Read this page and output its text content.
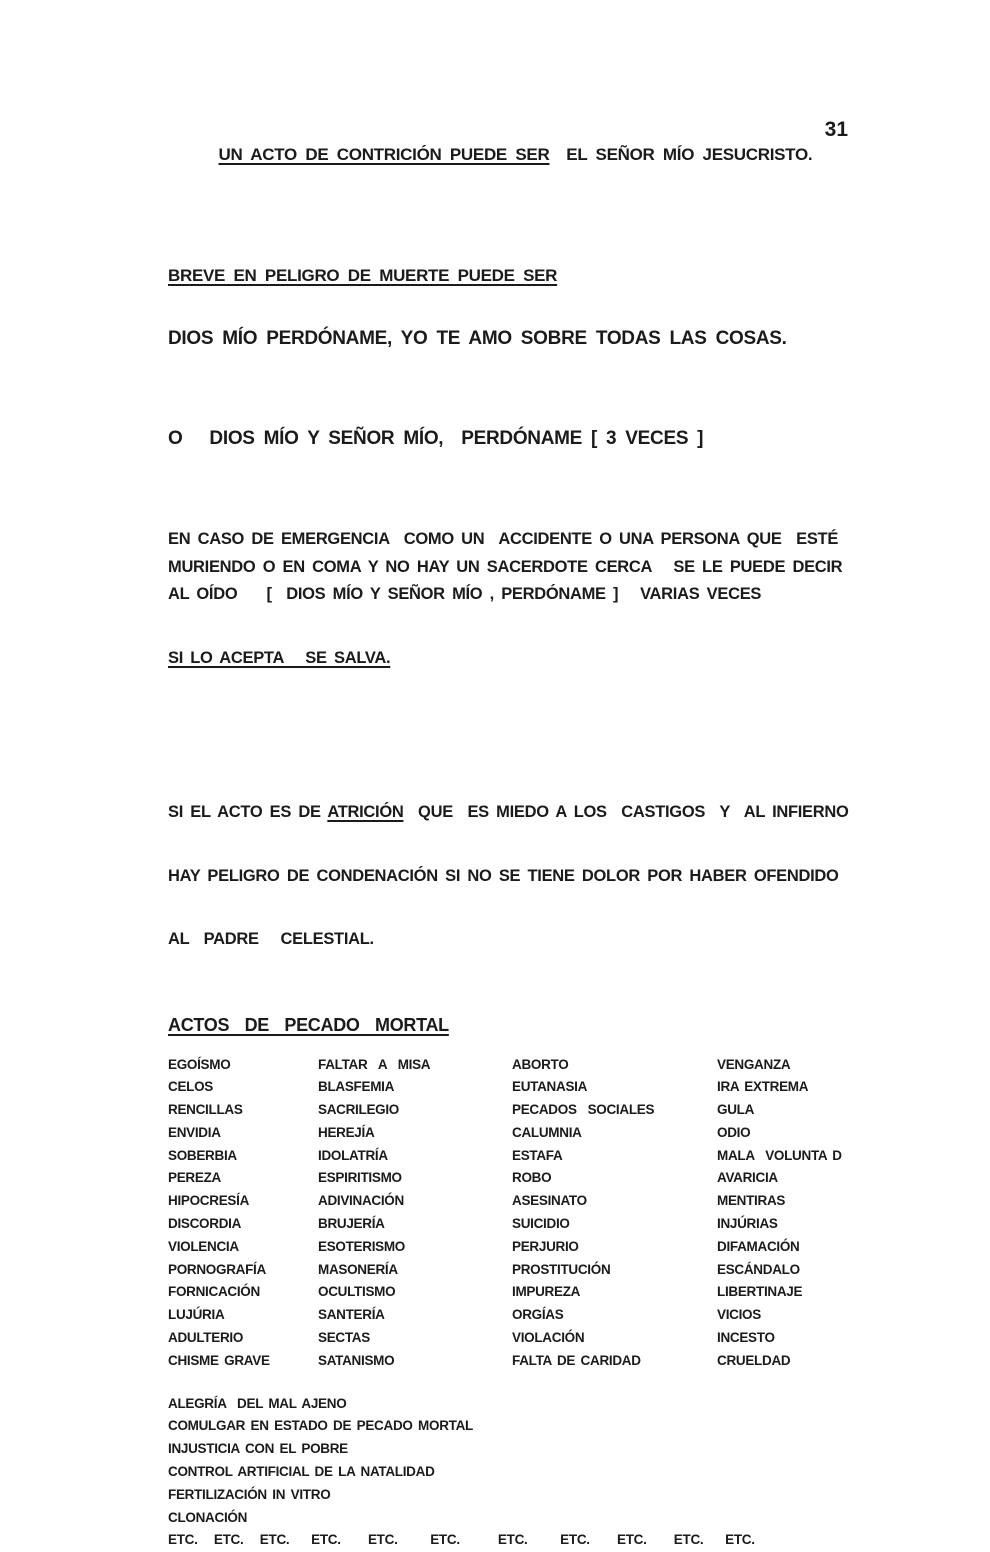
UN ACTO DE CONTRICIÓN PUEDE SER  EL SEÑOR MÍO JESUCRISTO.

31

BREVE EN PELIGRO DE MUERTE PUEDE SER

DIOS MÍO PERDÓNAME, YO TE AMO SOBRE TODAS LAS COSAS.

O   DIOS MÍO Y SEÑOR MÍO,  PERDÓNAME [ 3 VECES ]

EN CASO DE EMERGENCIA  COMO UN  ACCIDENTE O UNA PERSONA QUE  ESTÉ
MURIENDO O EN COMA Y NO HAY UN SACERDOTE CERCA   SE LE PUEDE DECIR
AL OÍDO    [  DIOS MÍO Y SEÑOR MÍO , PERDÓNAME ]   VARIAS VECES

SI LO ACEPTA   SE SALVA.

SI EL ACTO ES DE ATRICIÓN  QUE  ES MIEDO A LOS  CASTIGOS  Y  AL INFIERNO

HAY PELIGRO DE CONDENACIÓN SI NO SE TIENE DOLOR POR HABER OFENDIDO

AL  PADRE   CELESTIAL.

ACTOS  DE  PECADO  MORTAL
EGOÍSMO
CELOS
RENCILLAS
ENVIDIA
SOBERBIA
PEREZA
HIPOCRESÍA
DISCORDIA
VIOLENCIA
PORNOGRAFÍA
FORNICACIÓN
LUJÚRIA
ADULTERIO
CHISME GRAVE
FALTAR  A  MISA
BLASFEMIA
SACRILEGIO
HEREJÍA
IDOLATRÍA
ESPIRITISMO
ADIVINACIÓN
BRUJERÍA
ESOTERISMO
MASONERÍA
OCULTISMO
SANTERÍA
SECTAS
SATANISMO
ABORTO
EUTANASIA
PECADOS  SOCIALES
CALUMNIA
ESTAFA
ROBO
ASESINATO
SUICIDIO
PERJURIO
PROSTITUCIÓN
IMPUREZA
ORGÍAS
VIOLACIÓN
FALTA DE CARIDAD
VENGANZA
IRA EXTREMA
GULA
ODIO
MALA  VOLUNTA D
AVARICIA
MENTIRAS
INJÚRIAS
DIFAMACIÓN
ESCÁNDALO
LIBERTINAJE
VICIOS
INCESTO
CRUELDAD
ALEGRÍA  DEL MAL AJENO
COMULGAR EN ESTADO DE PECADO MORTAL
INJUSTICIA CON EL POBRE
CONTROL ARTIFICIAL DE LA NATALIDAD
FERTILIZACIÓN IN VITRO
CLONACIÓN
ETC.   ETC.   ETC.    ETC.     ETC.      ETC.       ETC.      ETC.     ETC.     ETC.    ETC.
